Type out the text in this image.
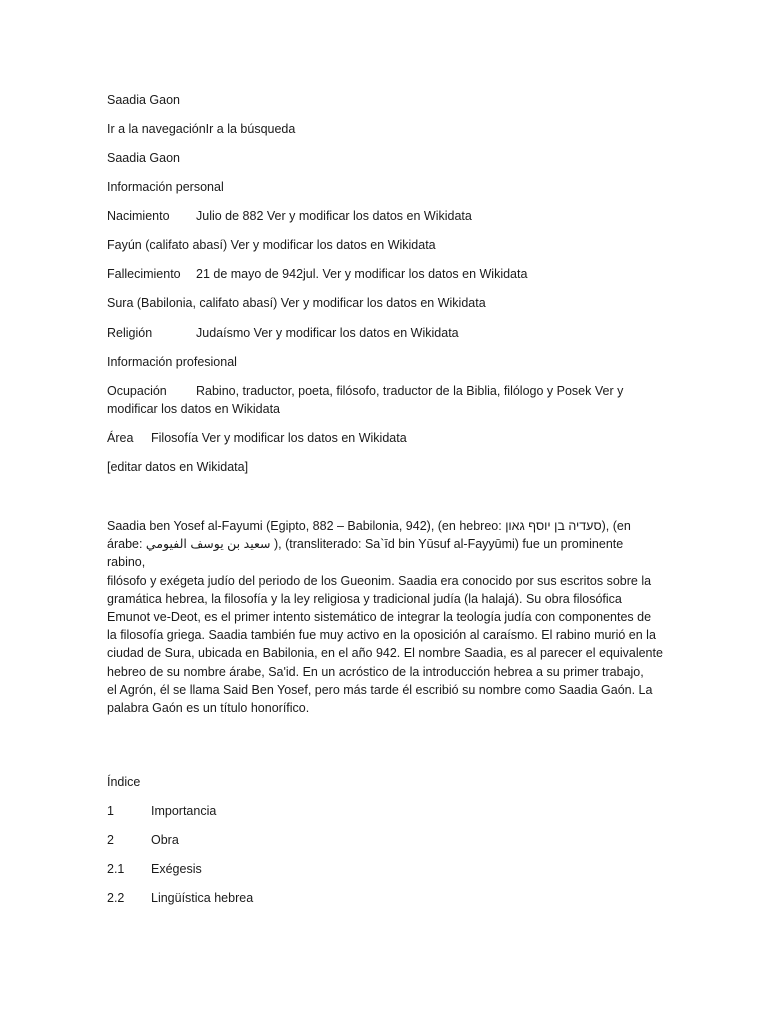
Saadia Gaon
Ir a la navegaciónIr a la búsqueda
Saadia Gaon
Información personal
Nacimiento Julio de 882 Ver y modificar los datos en Wikidata
Fayún (califato abasí) Ver y modificar los datos en Wikidata
Fallecimiento 21 de mayo de 942jul. Ver y modificar los datos en Wikidata
Sura (Babilonia, califato abasí) Ver y modificar los datos en Wikidata
Religión	Judaísmo Ver y modificar los datos en Wikidata
Información profesional
Ocupación Rabino, traductor, poeta, filósofo, traductor de la Biblia, filólogo y Posek Ver y
modificar los datos en Wikidata
Área Filosofía Ver y modificar los datos en Wikidata
[editar datos en Wikidata]
Saadia ben Yosef al-Fayumi (Egipto, 882 – Babilonia, 942), (en hebreo: סעדיה בן יוסף גאון), (en
árabe: سعيد بن يوسف الفيومي ), (transliterado: Sa`īd bin Yūsuf al-Fayyūmi) fue un prominente rabino,
filósofo y exégeta judío del periodo de los Gueonim. Saadia era conocido por sus escritos sobre la
gramática hebrea, la filosofía y la ley religiosa y tradicional judía (la halajá). Su obra filosófica
Emunot ve-Deot, es el primer intento sistemático de integrar la teología judía con componentes de
la filosofía griega. Saadia también fue muy activo en la oposición al caraísmo. El rabino murió en la
ciudad de Sura, ubicada en Babilonia, en el año 942. El nombre Saadia, es al parecer el equivalente
hebreo de su nombre árabe, Sa'id. En un acróstico de la introducción hebrea a su primer trabajo,
el Agrón, él se llama Said Ben Yosef, pero más tarde él escribió su nombre como Saadia Gaón. La
palabra Gaón es un título honorífico.
Índice
1	Importancia
2	Obra
2.1 Exégesis
2.2 Lingüística hebrea
